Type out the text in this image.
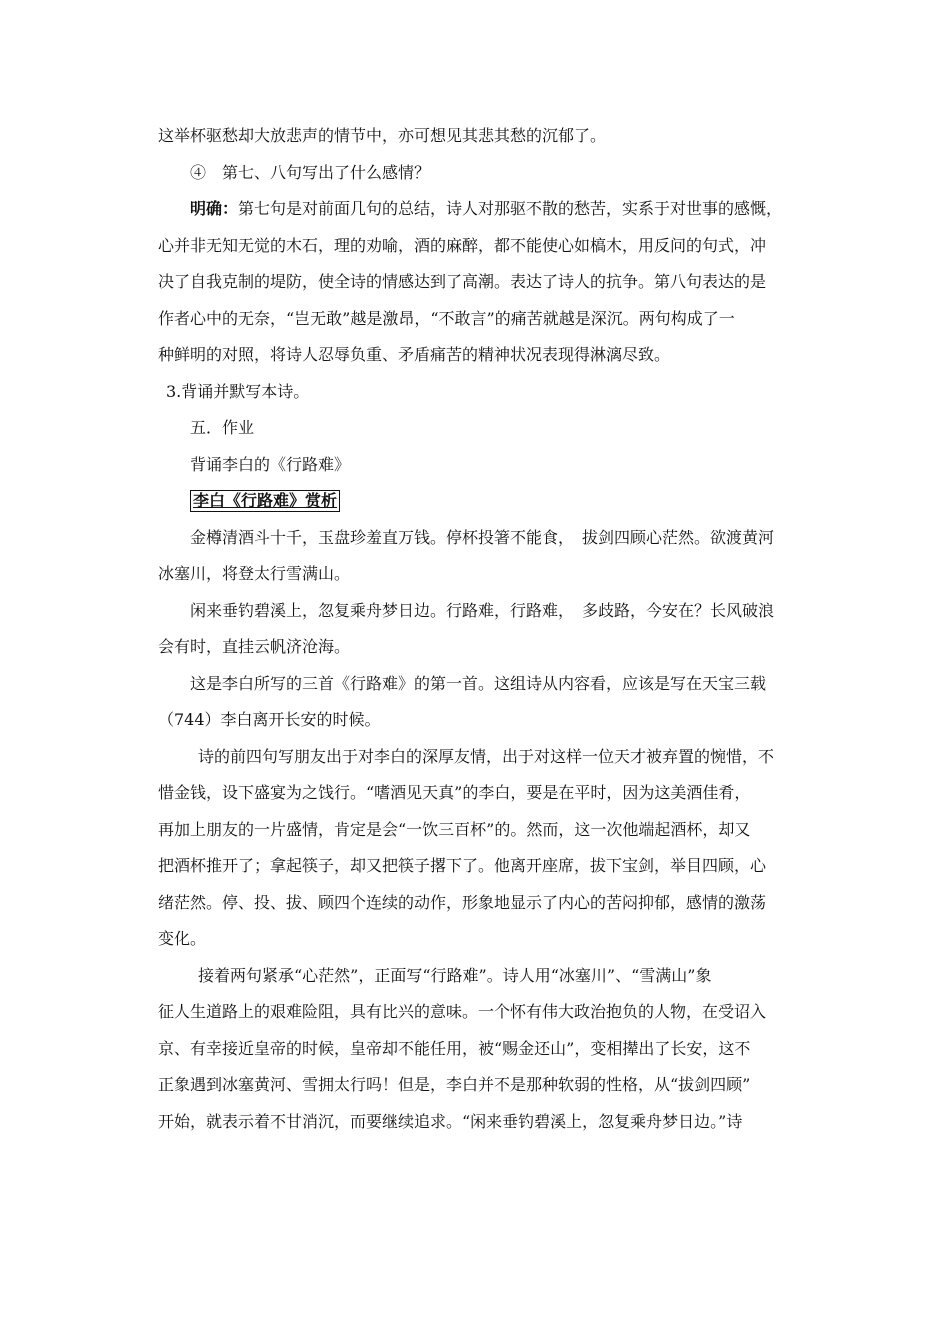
这举杯驱愁却大放悲声的情节中，亦可想见其悲其愁的沉郁了。
④　第七、八句写出了什么感情？
明确：第七句是对前面几句的总结，诗人对那驱不散的愁苦，实系于对世事的感慨，
心并非无知无觉的木石，理的劝喻，酒的麻醉，都不能使心如槁木，用反问的句式，冲
决了自我克制的堤防，使全诗的情感达到了高潮。表达了诗人的抗争。第八句表达的是
作者心中的无奈，“岂无敢”越是激昂，“不敢言”的痛苦就越是深沉。两句构成了一
种鲜明的对照，将诗人忍辱负重、矛盾痛苦的精神状况表现得淋漓尽致。
3.背诵并默写本诗。
五．作业
背诵李白的《行路难》
李白《行路难》赏析
金樽清酒斗十千，玉盘珍羞直万钱。停杯投箸不能食，　拔剑四顾心茫然。欲渡黄河
冰塞川，将登太行雪满山。
闲来垂钓碧溪上，忽复乘舟梦日边。行路难，行路难，　多歧路，今安在？长风破浪
会有时，直挂云帆济沧海。
这是李白所写的三首《行路难》的第一首。这组诗从内容看，应该是写在天宝三载
（744）李白离开长安的时候。
诗的前四句写朋友出于对李白的深厚友情，出于对这样一位天才被弃置的惋惜，不
惜金钱，设下盛宴为之饯行。“嗜酒见天真”的李白，要是在平时，因为这美酒佳肴，
再加上朋友的一片盛情，肯定是会“一饮三百杯”的。然而，这一次他端起酒杯，却又
把酒杯推开了；拿起筷子，却又把筷子撂下了。他离开座席，拔下宝剑，举目四顾，心
绪茫然。停、投、拔、顾四个连续的动作，形象地显示了内心的苦闷抑郁，感情的激荡
变化。
接着两句紧承“心茫然”，正面写“行路难”。诗人用“冰塞川”、“雪满山”象
征人生道路上的艰难险阻，具有比兴的意味。一个怀有伟大政治抱负的人物，在受诏入
京、有幸接近皇帝的时候，皇帝却不能任用，被“赐金还山”，变相撵出了长安，这不
正象遇到冰塞黄河、雪拥太行吗！但是，李白并不是那种软弱的性格，从“拔剑四顾”
开始，就表示着不甘消沉，而要继续追求。“闲来垂钓碧溪上，忽复乘舟梦日边。”诗
